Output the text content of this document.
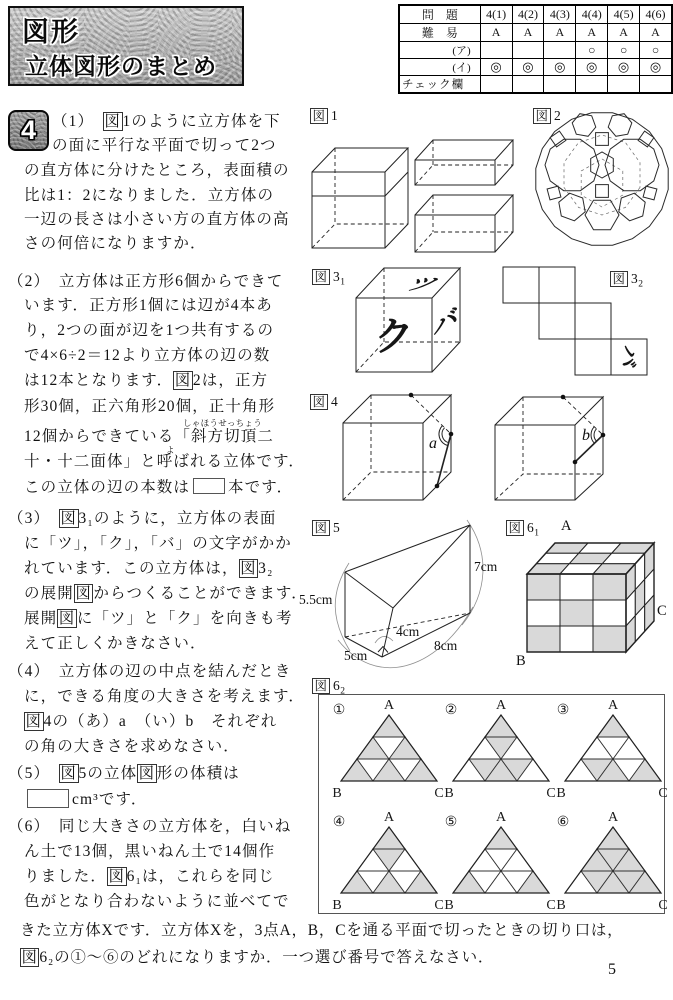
図形
立体図形のまとめ
問　題	4(1)	4(2)	4(3)	4(4)	4(5)	4(6)
難　易	A	A	A	A	A	A
(ア)				○	○	○
(イ)	◎	◎	◎	◎	◎	◎
チェック欄						
4	（1）　図1のように立方体を下
の面に平行な平面で切って2つ
の直方体に分けたところ，表面積の
比は1：2になりました．立方体の
一辺の長さは小さい方の直方体の高
さの何倍になりますか．
（2）　立方体は正方形6個からできて
います．正方形1個には辺が4本あ
り，2つの面が辺を1つ共有するの
で4×6÷2＝12より立方体の辺の数
は12本となります．図2は，正方
形30個，正六角形20個，正十角形
しゃほうせっちょう
12個からできている「斜方切頂二
よ
十・十二面体」と呼ばれる立体です．
この立体の辺の本数は 本です．
（3）　図3₁のように，立方体の表面
に「ツ」，「ク」，「バ」の文字がかか
れています．この立方体は，図3₂
の展開図からつくることができます．
展開図に「ツ」と「ク」を向きも考
えて正しくかきなさい．
（4）　立方体の辺の中点を結んだとき
に，できる角度の大きさを考えます．
図4の（あ）a　（い）b　それぞれ
の角の大きさを求めなさい．
（5）　図5の立体図形の体積は
cm³です．
（6）　同じ大きさの立方体を，白いね
ん土で13個，黒いねん土で14個作
りました．図6₁は，これらを同じ
色がとなり合わないように並べてで
きた立方体Xです．立方体Xを，3点A，B，Cを通る平面で切ったときの切り口は，
図6₂の①～⑥のどれになりますか．一つ選び番号で答えなさい．
5
図 1	図 2
図 $3_1$	図 $3_2$
図 4
図 5	図 $6_1$
図 $6_2$
ツ
ク バ
バ
a	b
5.5cm
7cm
4cm
8cm
5cm
A
B
C
①	A
B	C
②	A
B	C
③	A
B	C
④	A
B	C
⑤	A
B	C
⑥	A
B	C
